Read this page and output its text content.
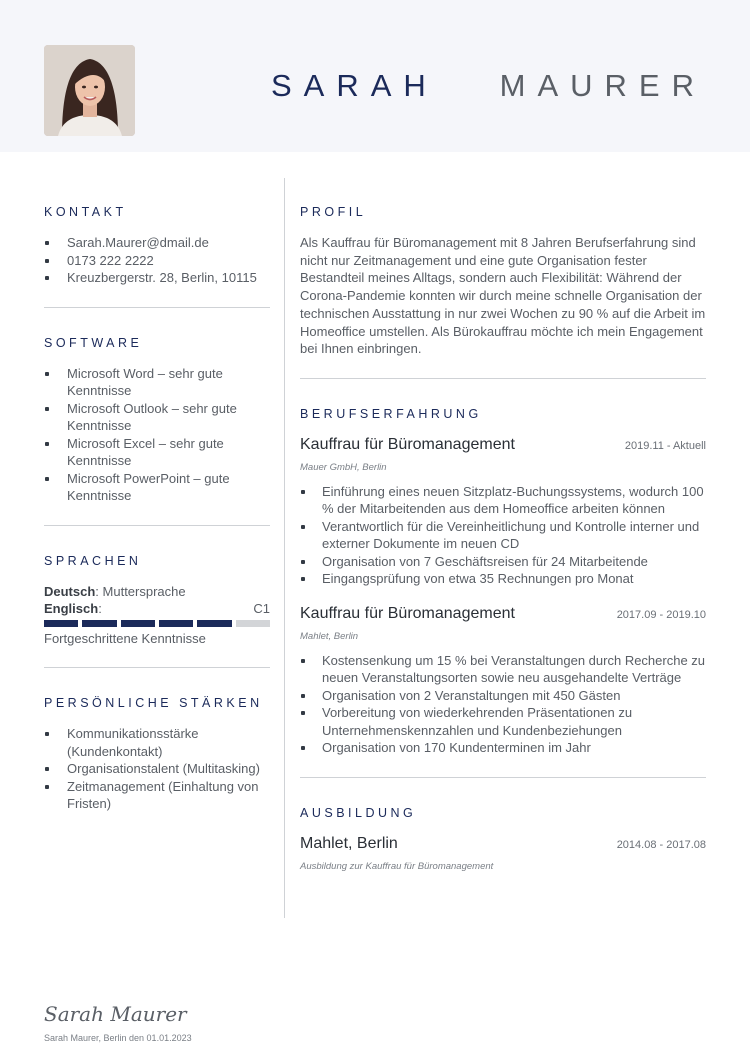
SARAH MAURER
KONTAKT
Sarah.Maurer@dmail.de
0173 222 2222
Kreuzbergerstr. 28, Berlin, 10115
SOFTWARE
Microsoft Word – sehr gute Kenntnisse
Microsoft Outlook – sehr gute Kenntnisse
Microsoft Excel – sehr gute Kenntnisse
Microsoft PowerPoint – gute Kenntnisse
SPRACHEN
Deutsch: Muttersprache
Englisch:	C1
Fortgeschrittene Kenntnisse
PERSÖNLICHE STÄRKEN
Kommunikationsstärke (Kundenkontakt)
Organisationstalent (Multitasking)
Zeitmanagement (Einhaltung von Fristen)
PROFIL

Als Kauffrau für Büromanagement mit 8 Jahren Berufserfahrung sind nicht nur Zeitmanagement und eine gute Organisation fester Bestandteil meines Alltags, sondern auch Flexibilität: Während der Corona-Pandemie konnten wir durch meine schnelle Organisation der technischen Ausstattung in nur zwei Wochen zu 90 % auf die Arbeit im Homeoffice umstellen. Als Bürokauffrau möchte ich mein Engagement bei Ihnen einbringen.

BERUFSERFAHRUNG
Kauffrau für Büromanagement	2019.11 - Aktuell
Mauer GmbH, Berlin
Einführung eines neuen Sitzplatz-Buchungssystems, wodurch 100 % der Mitarbeitenden aus dem Homeoffice arbeiten können
Verantwortlich für die Vereinheitlichung und Kontrolle interner und externer Dokumente im neuen CD
Organisation von 7 Geschäftsreisen für 24 Mitarbeitende
Eingangsprüfung von etwa 35 Rechnungen pro Monat
Kauffrau für Büromanagement	2017.09 - 2019.10
Mahlet, Berlin
Kostensenkung um 15 % bei Veranstaltungen durch Recherche zu neuen Veranstaltungsorten sowie neu ausgehandelte Verträge
Organisation von 2 Veranstaltungen mit 450 Gästen
Vorbereitung von wiederkehrenden Präsentationen zu Unternehmenskennzahlen und Kundenbeziehungen
Organisation von 170 Kundenterminen im Jahr
AUSBILDUNG
Mahlet, Berlin	2014.08 - 2017.08
Ausbildung zur Kauffrau für Büromanagement
Sarah Maurer
Sarah Maurer, Berlin den 01.01.2023
